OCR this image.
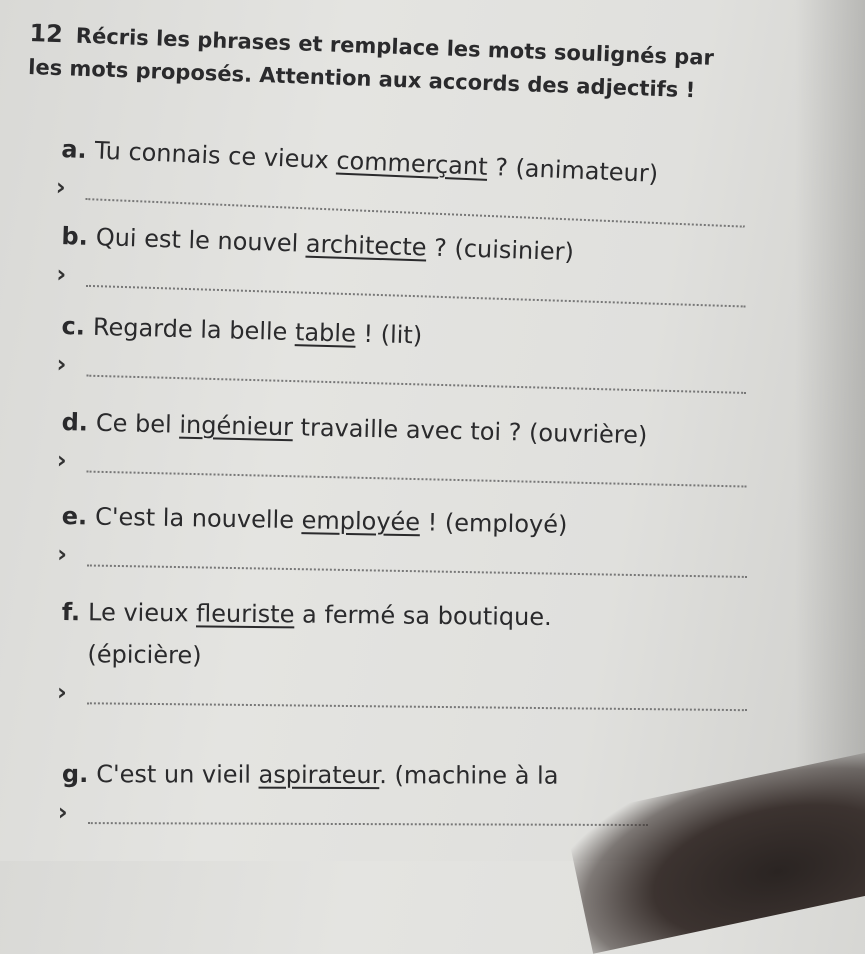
12 Récris les phrases et remplace les mots soulignés par les mots proposés. Attention aux accords des adjectifs !
a. Tu connais ce vieux commerçant ? (animateur)
›
b. Qui est le nouvel architecte ? (cuisinier)
›
c. Regarde la belle table ! (lit)
›
d. Ce bel ingénieur travaille avec toi ? (ouvrière)
›
e. C'est la nouvelle employée ! (employé)
›
f. Le vieux fleuriste a fermé sa boutique.
(épicière)
›
g. C'est un vieil aspirateur. (machine à la
›
